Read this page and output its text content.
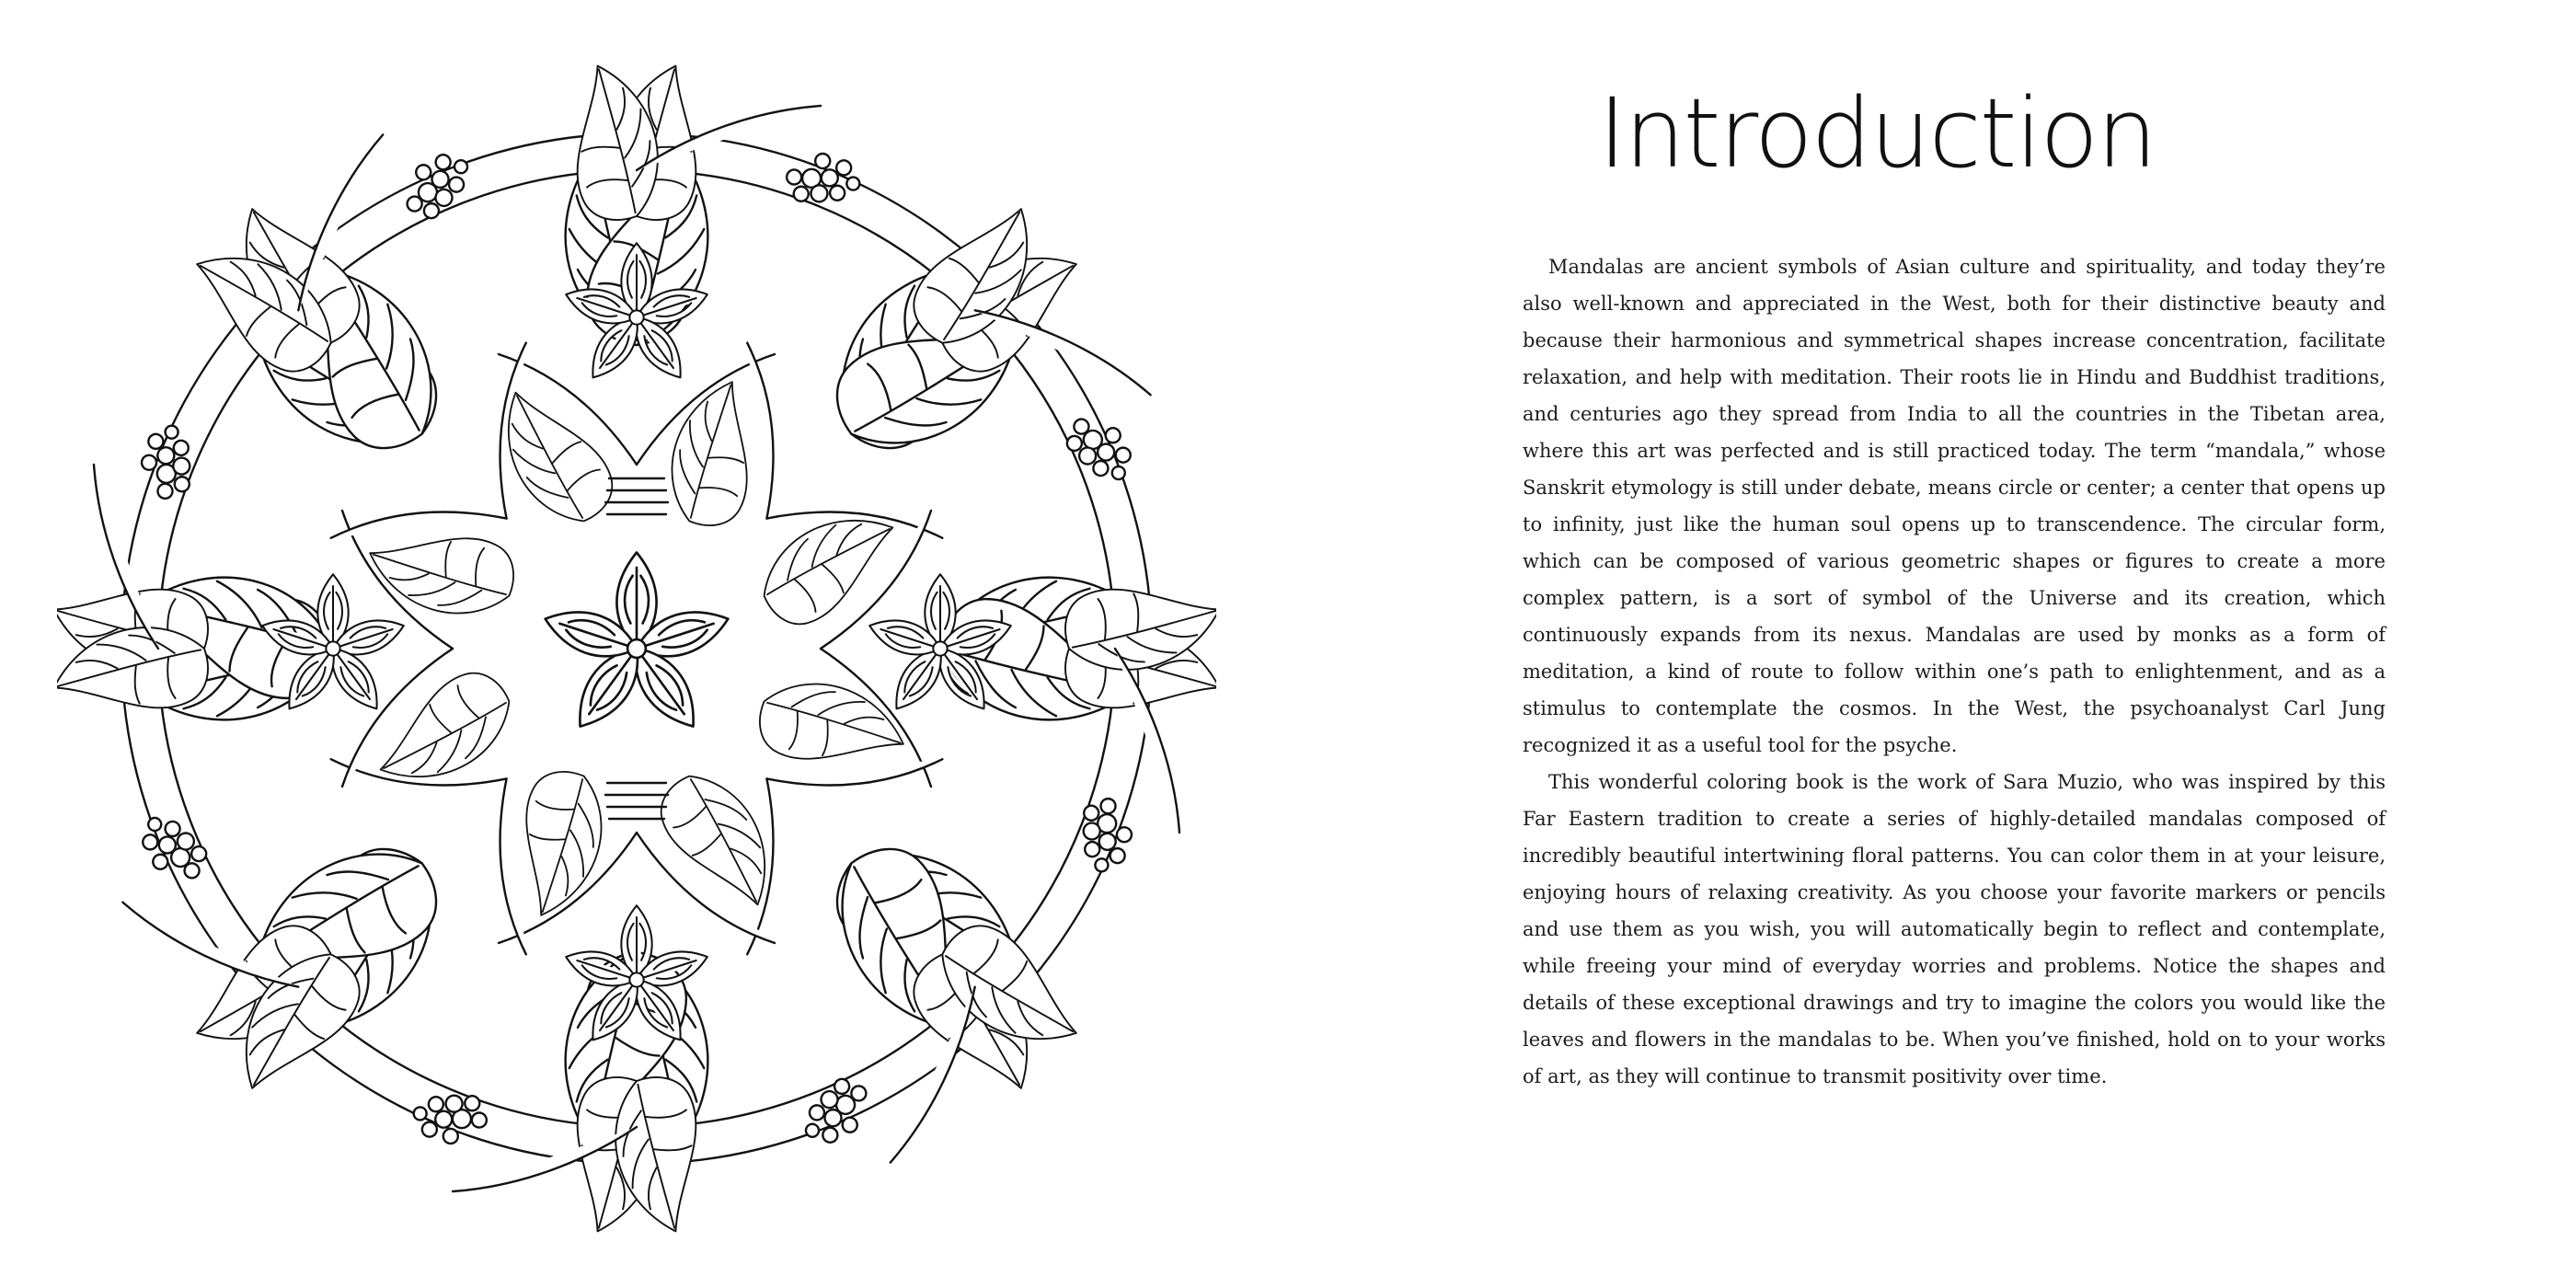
Introduction

Mandalas are ancient symbols of Asian culture and spirituality, and today they’re also well-known and appreciated in the West, both for their distinctive beauty and because their harmonious and symmetrical shapes increase concentration, facilitate relaxation, and help with meditation. Their roots lie in Hindu and Buddhist traditions, and centuries ago they spread from India to all the countries in the Tibetan area, where this art was perfected and is still practiced today. The term “mandala,” whose Sanskrit etymology is still under debate, means circle or center; a center that opens up to infinity, just like the human soul opens up to transcendence. The circular form, which can be composed of various geometric shapes or figures to create a more complex pattern, is a sort of symbol of the Universe and its creation, which continuously expands from its nexus. Mandalas are used by monks as a form of meditation, a kind of route to follow within one’s path to enlightenment, and as a stimulus to contemplate the cosmos. In the West, the psychoanalyst Carl Jung recognized it as a useful tool for the psyche.

This wonderful coloring book is the work of Sara Muzio, who was inspired by this Far Eastern tradition to create a series of highly-detailed mandalas composed of incredibly beautiful intertwining floral patterns. You can color them in at your leisure, enjoying hours of relaxing creativity. As you choose your favorite markers or pencils and use them as you wish, you will automatically begin to reflect and contemplate, while freeing your mind of everyday worries and problems. Notice the shapes and details of these exceptional drawings and try to imagine the colors you would like the leaves and flowers in the mandalas to be. When you’ve finished, hold on to your works of art, as they will continue to transmit positivity over time.
